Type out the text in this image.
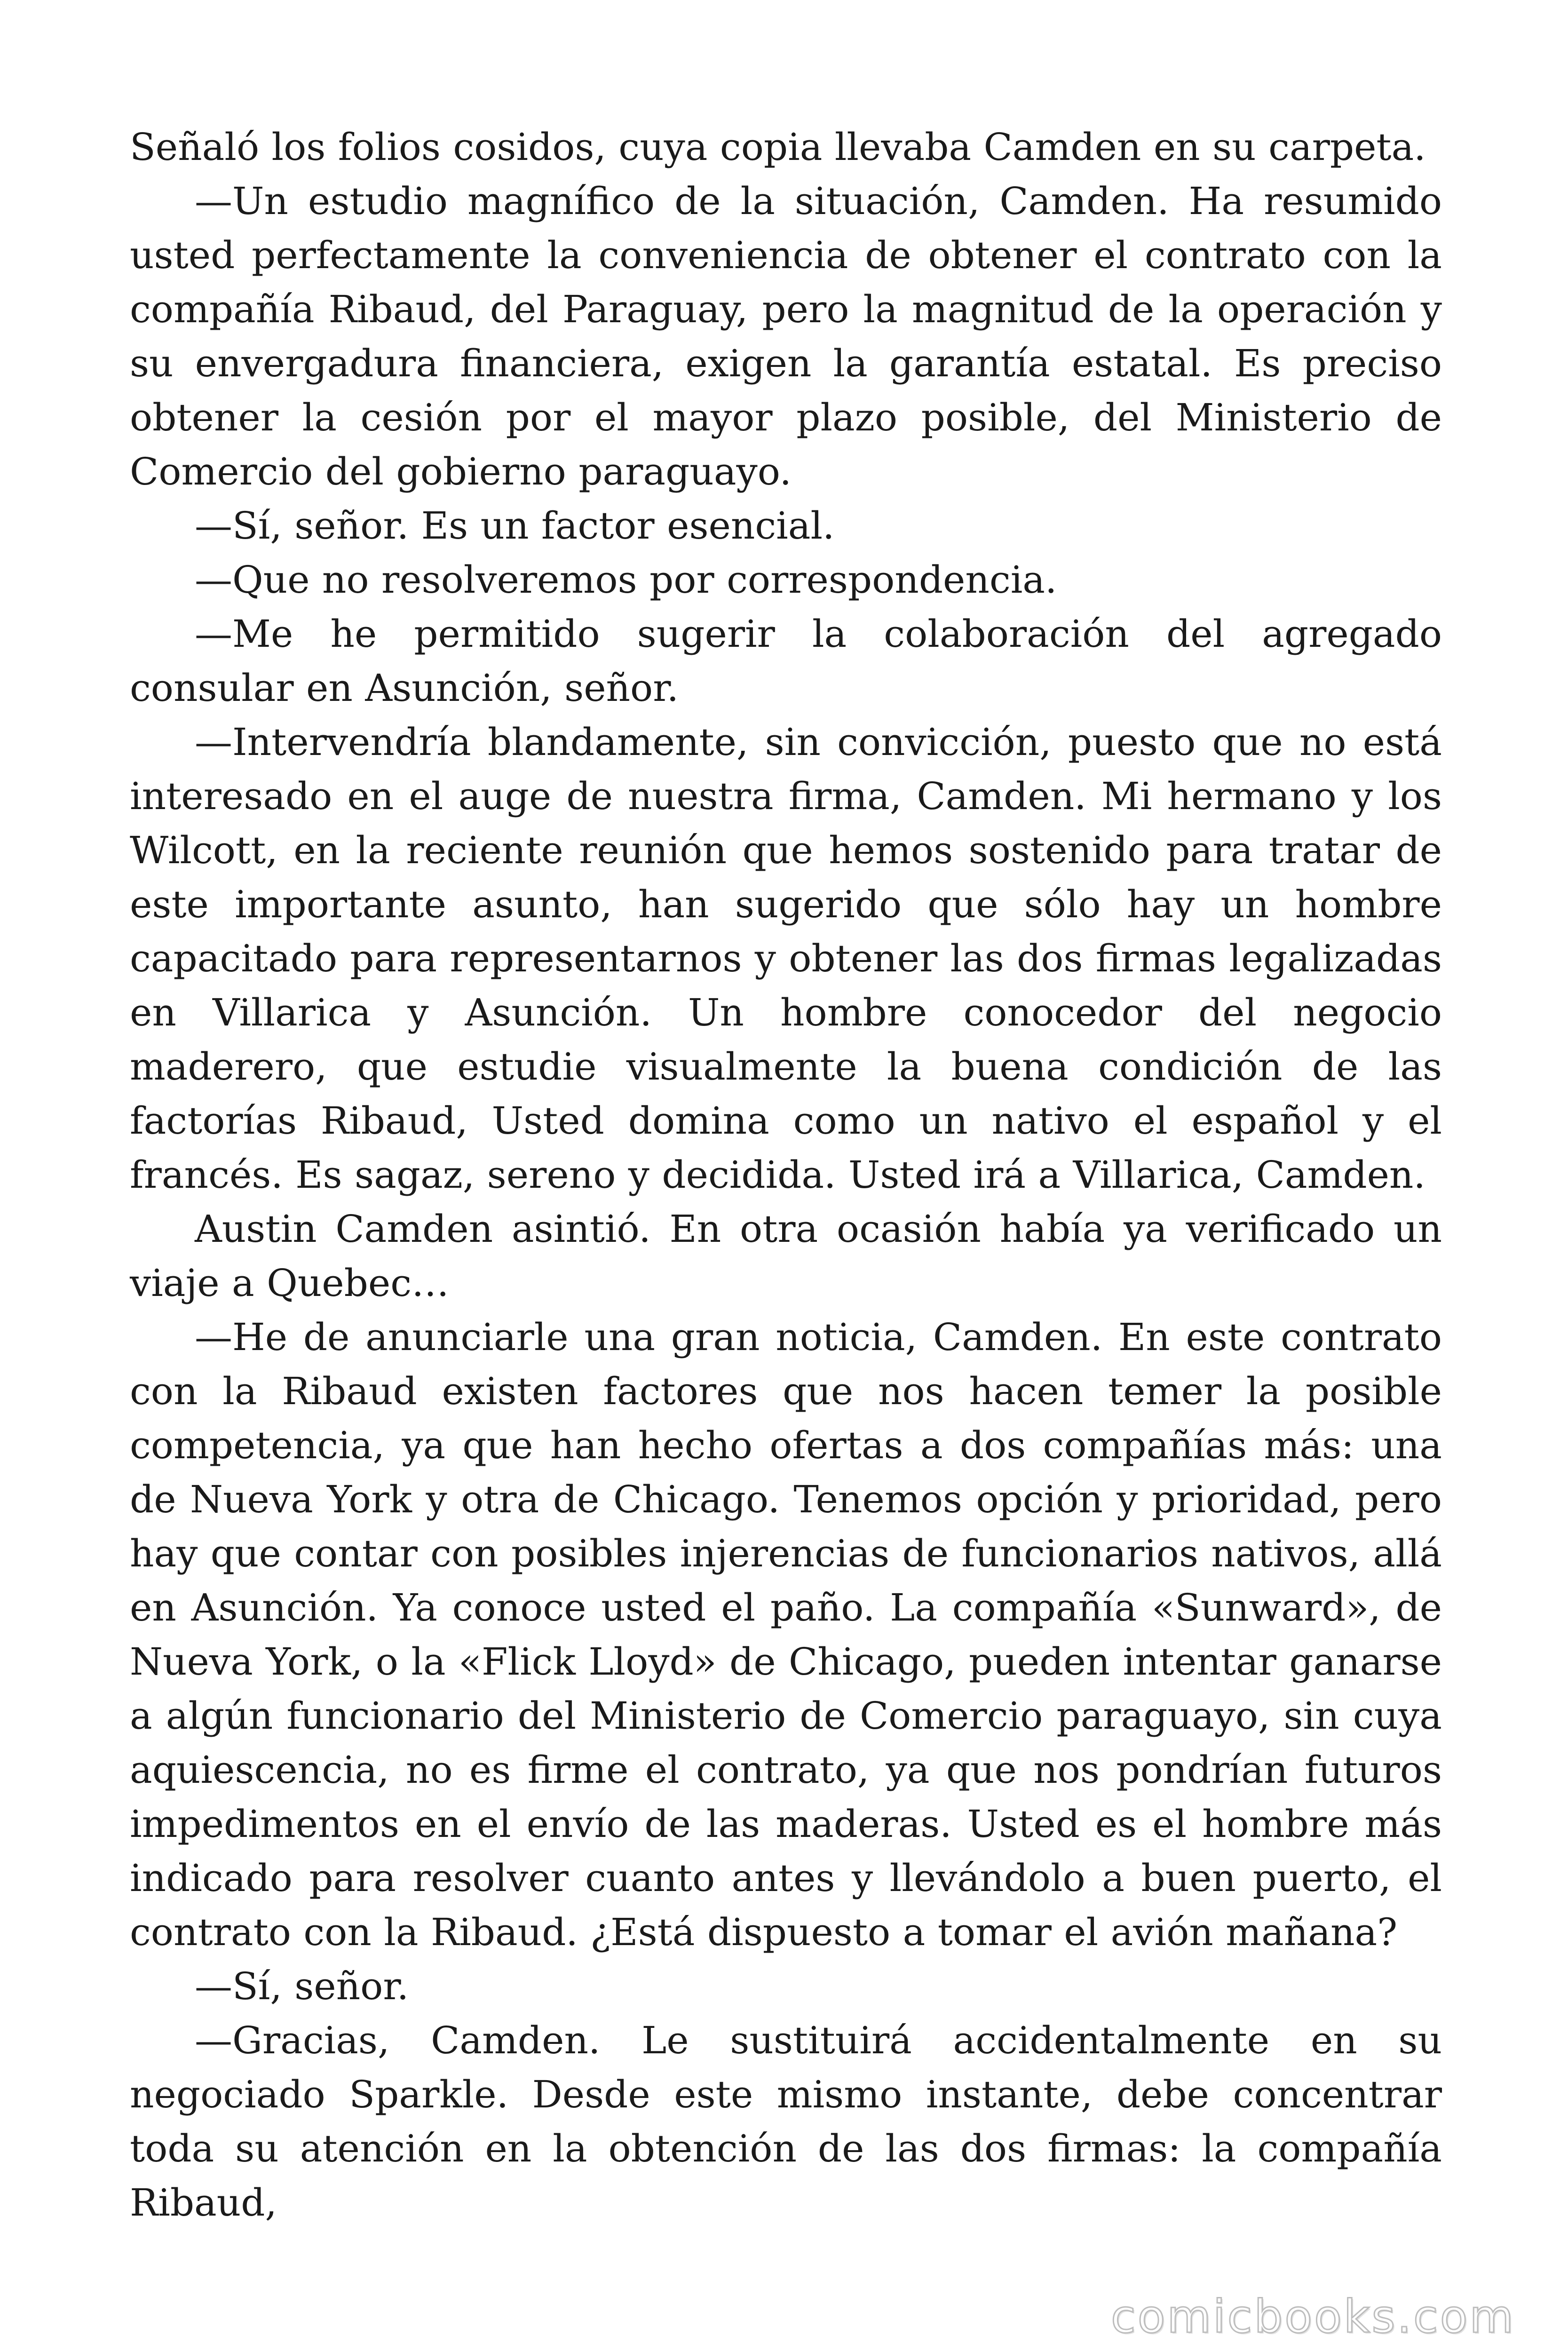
Señaló los folios cosidos, cuya copia llevaba Camden en su carpeta.

—Un estudio magnífico de la situación, Camden. Ha resumido usted perfectamente la conveniencia de obtener el contrato con la compañía Ribaud, del Paraguay, pero la magnitud de la operación y su envergadura financiera, exigen la garantía estatal. Es preciso obtener la cesión por el mayor plazo posible, del Ministerio de Comercio del gobierno paraguayo.

—Sí, señor. Es un factor esencial.

—Que no resolveremos por correspondencia.

—Me he permitido sugerir la colaboración del agregado consular en Asunción, señor.

—Intervendría blandamente, sin convicción, puesto que no está interesado en el auge de nuestra firma, Camden. Mi hermano y los Wilcott, en la reciente reunión que hemos sostenido para tratar de este importante asunto, han sugerido que sólo hay un hombre capacitado para representarnos y obtener las dos firmas legalizadas en Villarica y Asunción. Un hombre conocedor del negocio maderero, que estudie visualmente la buena condición de las factorías Ribaud, Usted domina como un nativo el español y el francés. Es sagaz, sereno y decidida. Usted irá a Villarica, Camden.

Austin Camden asintió. En otra ocasión había ya verificado un viaje a Quebec…

—He de anunciarle una gran noticia, Camden. En este contrato con la Ribaud existen factores que nos hacen temer la posible competencia, ya que han hecho ofertas a dos compañías más: una de Nueva York y otra de Chicago. Tenemos opción y prioridad, pero hay que contar con posibles injerencias de funcionarios nativos, allá en Asunción. Ya conoce usted el paño. La compañía «Sunward», de Nueva York, o la «Flick Lloyd» de Chicago, pueden intentar ganarse a algún funcionario del Ministerio de Comercio paraguayo, sin cuya aquiescencia, no es firme el contrato, ya que nos pondrían futuros impedimentos en el envío de las maderas. Usted es el hombre más indicado para resolver cuanto antes y llevándolo a buen puerto, el contrato con la Ribaud. ¿Está dispuesto a tomar el avión mañana?

—Sí, señor.

—Gracias, Camden. Le sustituirá accidentalmente en su negociado Sparkle. Desde este mismo instante, debe concentrar toda su atención en la obtención de las dos firmas: la compañía Ribaud,

comicbooks.com
